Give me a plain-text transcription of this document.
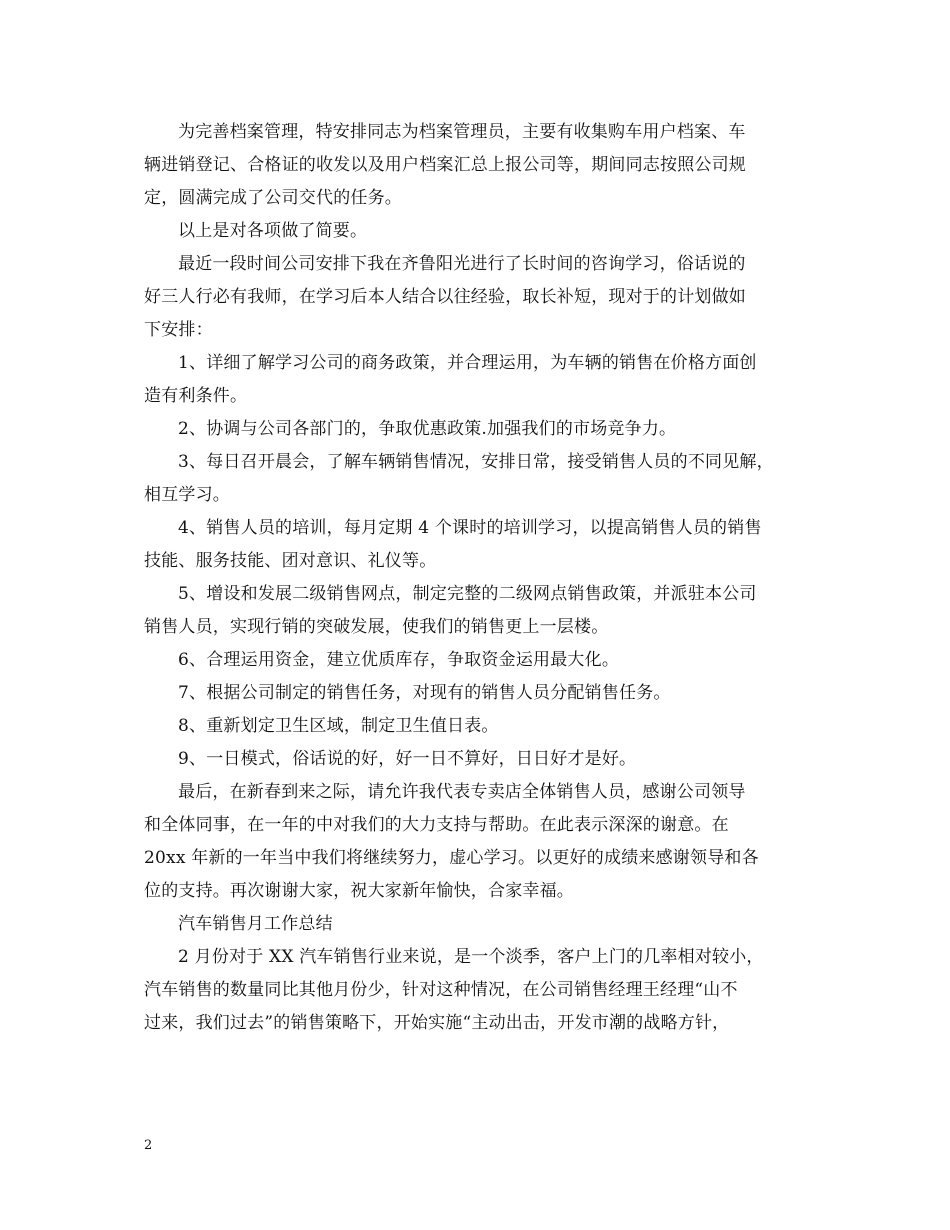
为完善档案管理，特安排同志为档案管理员，主要有收集购车用户档案、车
辆进销登记、合格证的收发以及用户档案汇总上报公司等，期间同志按照公司规
定，圆满完成了公司交代的任务。
以上是对各项做了简要。
最近一段时间公司安排下我在齐鲁阳光进行了长时间的咨询学习，俗话说的
好三人行必有我师，在学习后本人结合以往经验，取长补短，现对于的计划做如
下安排：
1、详细了解学习公司的商务政策，并合理运用，为车辆的销售在价格方面创
造有利条件。
2、协调与公司各部门的，争取优惠政策.加强我们的市场竞争力。
3、每日召开晨会，了解车辆销售情况，安排日常，接受销售人员的不同见解，
相互学习。
4、销售人员的培训，每月定期 4 个课时的培训学习，以提高销售人员的销售
技能、服务技能、团对意识、礼仪等。
5、增设和发展二级销售网点，制定完整的二级网点销售政策，并派驻本公司
销售人员，实现行销的突破发展，使我们的销售更上一层楼。
6、合理运用资金，建立优质库存，争取资金运用最大化。
7、根据公司制定的销售任务，对现有的销售人员分配销售任务。
8、重新划定卫生区域，制定卫生值日表。
9、一日模式，俗话说的好，好一日不算好，日日好才是好。
最后，在新春到来之际，请允许我代表专卖店全体销售人员，感谢公司领导
和全体同事，在一年的中对我们的大力支持与帮助。在此表示深深的谢意。在
20xx 年新的一年当中我们将继续努力，虚心学习。以更好的成绩来感谢领导和各
位的支持。再次谢谢大家，祝大家新年愉快，合家幸福。
汽车销售月工作总结
2 月份对于 XX 汽车销售行业来说，是一个淡季，客户上门的几率相对较小，
汽车销售的数量同比其他月份少，针对这种情况，在公司销售经理王经理“山不
过来，我们过去”的销售策略下，开始实施“主动出击，开发市潮的战略方针，
2
